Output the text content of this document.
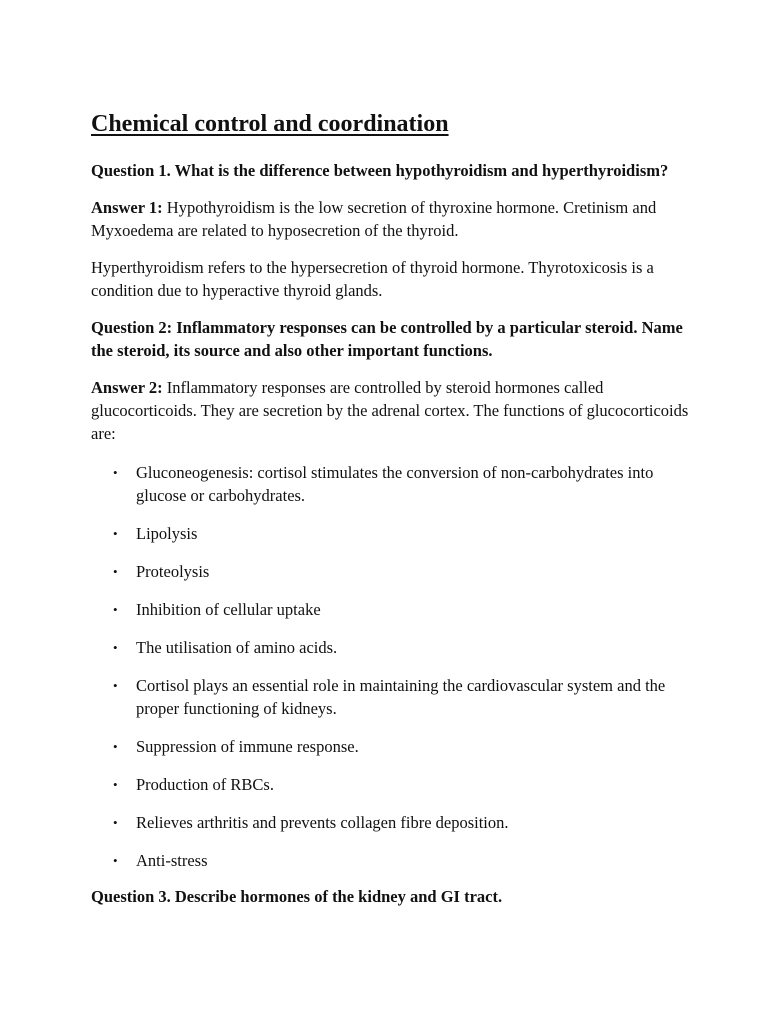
Chemical control and coordination

Question 1. What is the difference between hypothyroidism and hyperthyroidism?

Answer 1: Hypothyroidism is the low secretion of thyroxine hormone. Cretinism and Myxoedema are related to hyposecretion of the thyroid.

Hyperthyroidism refers to the hypersecretion of thyroid hormone. Thyrotoxicosis is a condition due to hyperactive thyroid glands.

Question 2: Inflammatory responses can be controlled by a particular steroid. Name the steroid, its source and also other important functions.

Answer 2: Inflammatory responses are controlled by steroid hormones called glucocorticoids. They are secretion by the adrenal cortex. The functions of glucocorticoids are:

• Gluconeogenesis: cortisol stimulates the conversion of non-carbohydrates into glucose or carbohydrates.
• Lipolysis
• Proteolysis
• Inhibition of cellular uptake
• The utilisation of amino acids.
• Cortisol plays an essential role in maintaining the cardiovascular system and the proper functioning of kidneys.
• Suppression of immune response.
• Production of RBCs.
• Relieves arthritis and prevents collagen fibre deposition.
• Anti-stress

Question 3. Describe hormones of the kidney and GI tract.
